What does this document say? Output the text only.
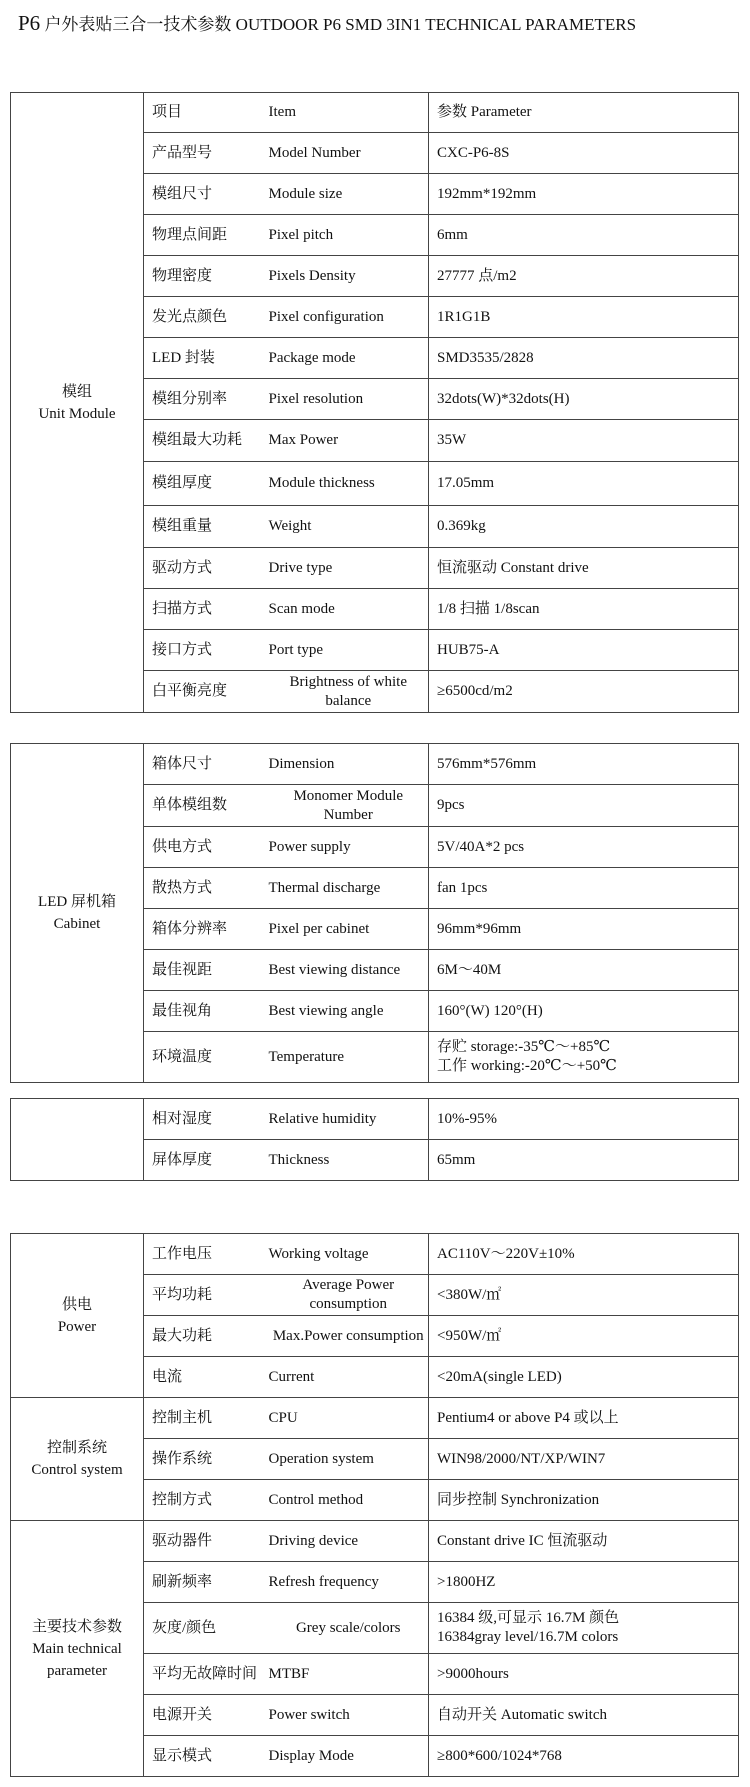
P6 户外表贴三合一技术参数 OUTDOOR P6 SMD 3IN1 TECHNICAL PARAMETERS
模组
Unit Module	项目	Item	参数 Parameter

	产品型号	Model Number	CXC-P6-8S

	模组尺寸	Module size	192mm*192mm

	物理点间距	Pixel pitch	6mm

	物理密度	Pixels Density	27777 点/m2

	发光点颜色	Pixel configuration	1R1G1B

	LED 封装	Package mode	SMD3535/2828

	模组分别率	Pixel resolution	32dots(W)*32dots(H)

	模组最大功耗	Max Power	35W

	模组厚度	Module thickness	17.05mm

	模组重量	Weight	0.369kg

	驱动方式	Drive type	恒流驱动 Constant drive

	扫描方式	Scan mode	1/8 扫描 1/8scan

	接口方式	Port type	HUB75-A

	白平衡亮度	Brightness of white balance	≥6500cd/m2
LED 屏机箱
Cabinet	箱体尺寸	Dimension	576mm*576mm

	单体模组数	Monomer Module Number	9pcs

	供电方式	Power supply	5V/40A*2 pcs

	散热方式	Thermal discharge	fan 1pcs

	箱体分辨率	Pixel per cabinet	96mm*96mm

	最佳视距	Best viewing distance	6M～40M

	最佳视角	Best viewing angle	160°(W) 120°(H)

	环境温度	Temperature	存贮 storage:-35℃～+85℃
工作 working:-20℃～+50℃
	相对湿度	Relative humidity	10%-95%

	屏体厚度	Thickness	65mm
供电
Power	工作电压	Working voltage	AC110V～220V±10%

	平均功耗	Average Power consumption	<380W/㎡

	最大功耗	Max.Power consumption	<950W/㎡

	电流	Current	<20mA(single LED)

控制系统
Control system	控制主机	CPU	Pentium4 or above P4 或以上

	操作系统	Operation system	WIN98/2000/NT/XP/WIN7

	控制方式	Control method	同步控制 Synchronization

主要技术参数
Main technical parameter	驱动器件	Driving device	Constant drive IC 恒流驱动

	刷新频率	Refresh frequency	>1800HZ

	灰度/颜色	Grey scale/colors	16384 级,可显示 16.7M 颜色
16384gray level/16.7M colors

	平均无故障时间	MTBF	>9000hours

	电源开关	Power switch	自动开关 Automatic switch

	显示模式	Display Mode	≥800*600/1024*768
